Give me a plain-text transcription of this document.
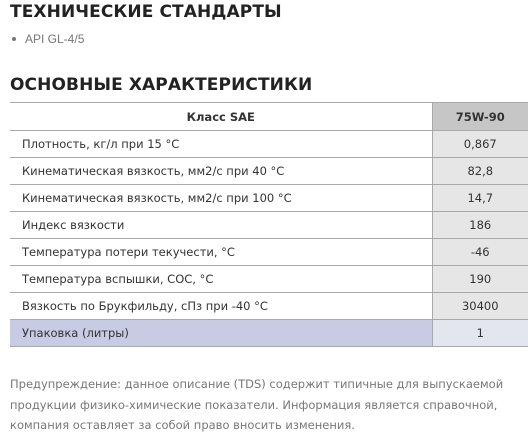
ТЕХНИЧЕСКИЕ СТАНДАРТЫ
API GL-4/5
ОСНОВНЫЕ ХАРАКТЕРИСТИКИ
Класс SAE	75W-90
Плотность, кг/л при 15 °С	0,867
Кинематическая вязкость, мм2/с при 40 °С	82,8
Кинематическая вязкость, мм2/с при 100 °С	14,7
Индекс вязкости	186
Температура потери текучести, °С	-46
Температура вспышки, СОС, °С	190
Вязкость по Брукфильду, сПз при -40 °С	30400
Упаковка (литры)	1

Предупреждение: данное описание (TDS) содержит типичные для выпускаемой продукции физико-химические показатели. Информация является справочной, компания оставляет за собой право вносить изменения.
